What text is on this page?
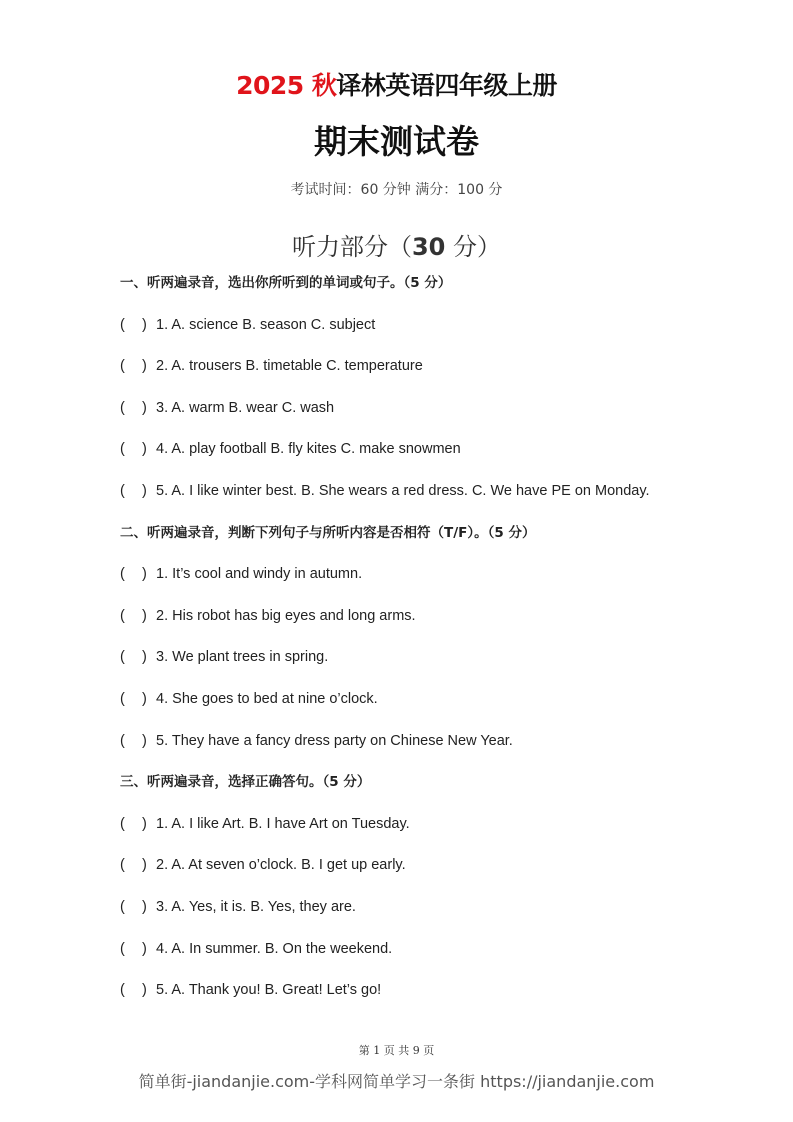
2025 秋译林英语四年级上册
期末测试卷
考试时间：60 分钟 满分：100 分
听力部分（30 分）
一、听两遍录音，选出你所听到的单词或句子。（5 分）
( ) 1. A. science B. season C. subject
( ) 2. A. trousers B. timetable C. temperature
( ) 3. A. warm B. wear C. wash
( ) 4. A. play football B. fly kites C. make snowmen
( ) 5. A. I like winter best. B. She wears a red dress. C. We have PE on Monday.
二、听两遍录音，判断下列句子与所听内容是否相符（T/F）。（5 分）
( ) 1. It’s cool and windy in autumn.
( ) 2. His robot has big eyes and long arms.
( ) 3. We plant trees in spring.
( ) 4. She goes to bed at nine o’clock.
( ) 5. They have a fancy dress party on Chinese New Year.
三、听两遍录音，选择正确答句。（5 分）
( ) 1. A. I like Art. B. I have Art on Tuesday.
( ) 2. A. At seven o’clock. B. I get up early.
( ) 3. A. Yes, it is. B. Yes, they are.
( ) 4. A. In summer. B. On the weekend.
( ) 5. A. Thank you! B. Great! Let’s go!
第 1 页 共 9 页
简单街-jiandanjie.com-学科网简单学习一条街 https://jiandanjie.com
